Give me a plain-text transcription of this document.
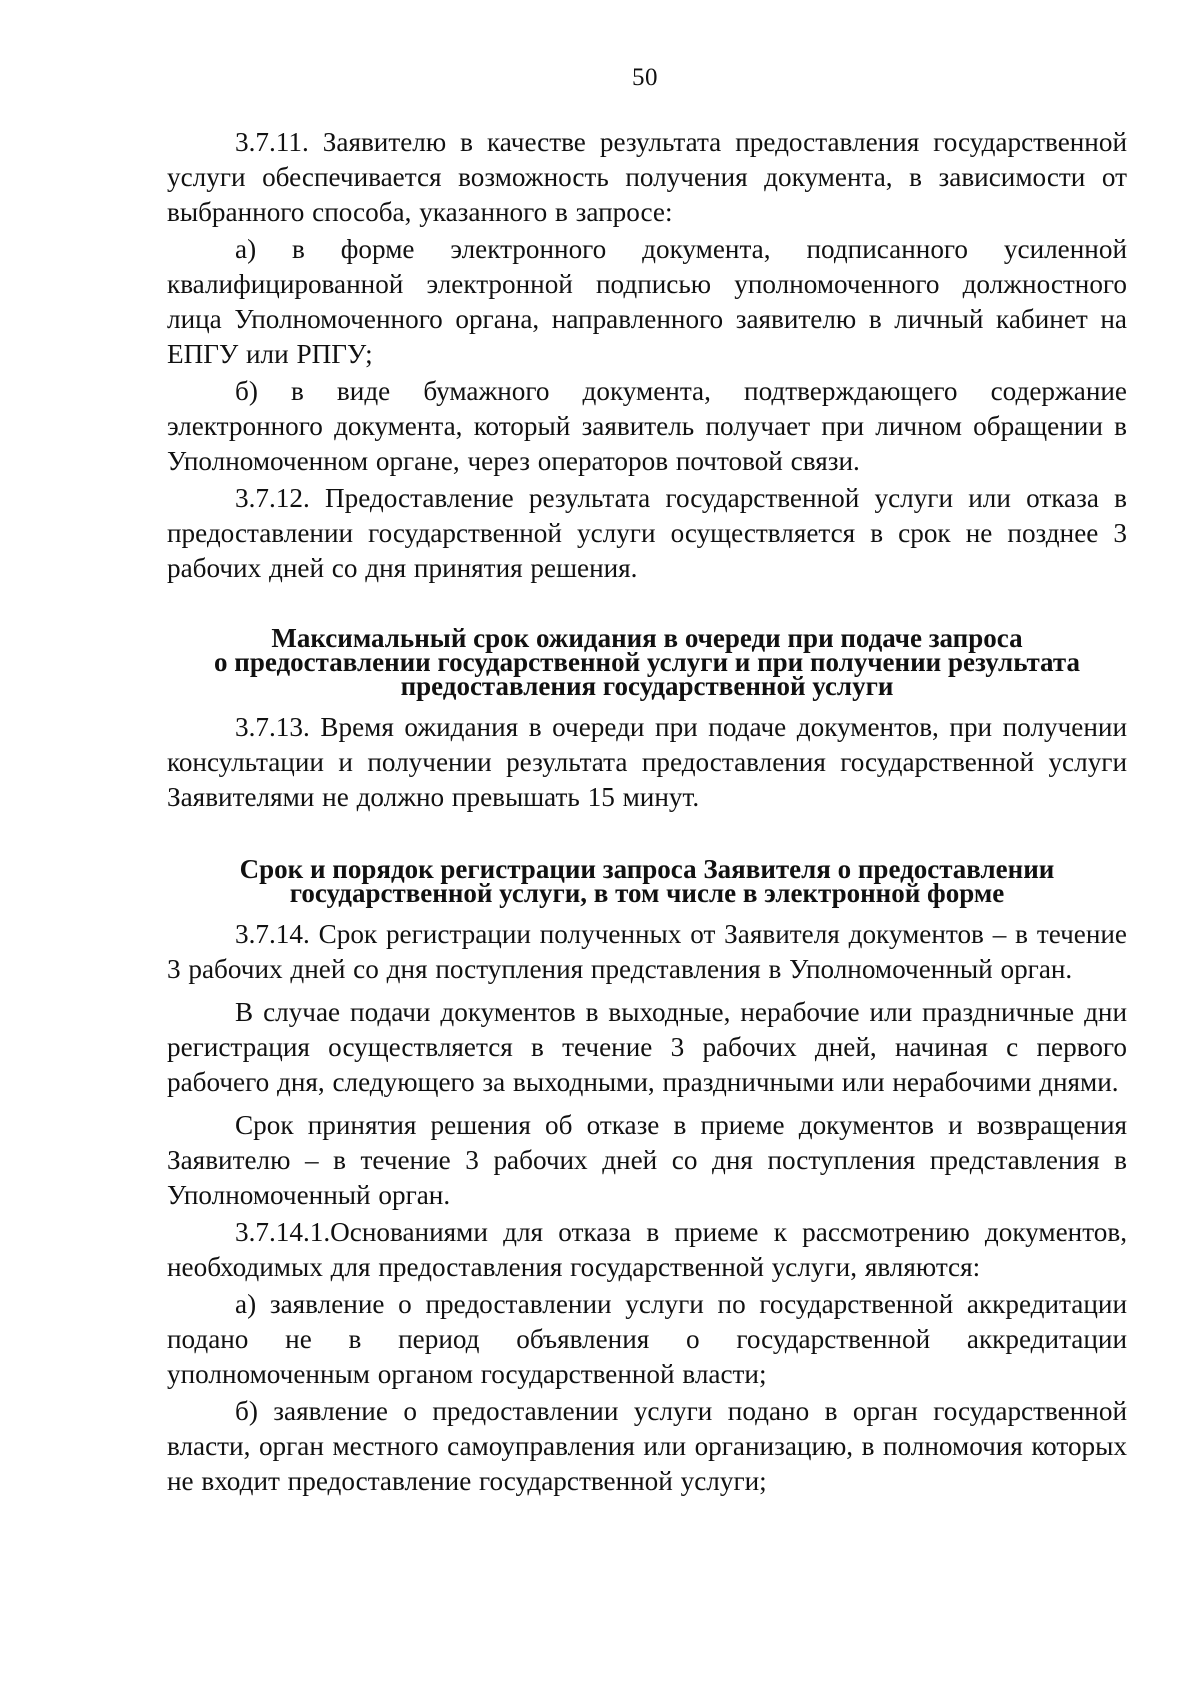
50

3.7.11. Заявителю в качестве результата предоставления государственной услуги обеспечивается возможность получения документа, в зависимости от выбранного способа, указанного в запросе:

а) в форме электронного документа, подписанного усиленной квалифицированной электронной подписью уполномоченного должностного лица Уполномоченного органа, направленного заявителю в личный кабинет на ЕПГУ или РПГУ;

б) в виде бумажного документа, подтверждающего содержание электронного документа, который заявитель получает при личном обращении в Уполномоченном органе, через операторов почтовой связи.

3.7.12. Предоставление результата государственной услуги или отказа в предоставлении государственной услуги осуществляется в срок не позднее 3 рабочих дней со дня принятия решения.

Максимальный срок ожидания в очереди при подаче запроса
о предоставлении государственной услуги и при получении результата
предоставления государственной услуги

3.7.13. Время ожидания в очереди при подаче документов, при получении консультации и получении результата предоставления государственной услуги Заявителями не должно превышать 15 минут.

Срок и порядок регистрации запроса Заявителя о предоставлении
государственной услуги, в том числе в электронной форме

3.7.14. Срок регистрации полученных от Заявителя документов – в течение 3 рабочих дней со дня поступления представления в Уполномоченный орган.

В случае подачи документов в выходные, нерабочие или праздничные дни регистрация осуществляется в течение 3 рабочих дней, начиная с первого рабочего дня, следующего за выходными, праздничными или нерабочими днями.

Срок принятия решения об отказе в приеме документов и возвращения Заявителю – в течение 3 рабочих дней со дня поступления представления в Уполномоченный орган.

3.7.14.1.Основаниями для отказа в приеме к рассмотрению документов, необходимых для предоставления государственной услуги, являются:

а) заявление о предоставлении услуги по государственной аккредитации подано не в период объявления о государственной аккредитации уполномоченным органом государственной власти;

б) заявление о предоставлении услуги подано в орган государственной власти, орган местного самоуправления или организацию, в полномочия которых не входит предоставление государственной услуги;
